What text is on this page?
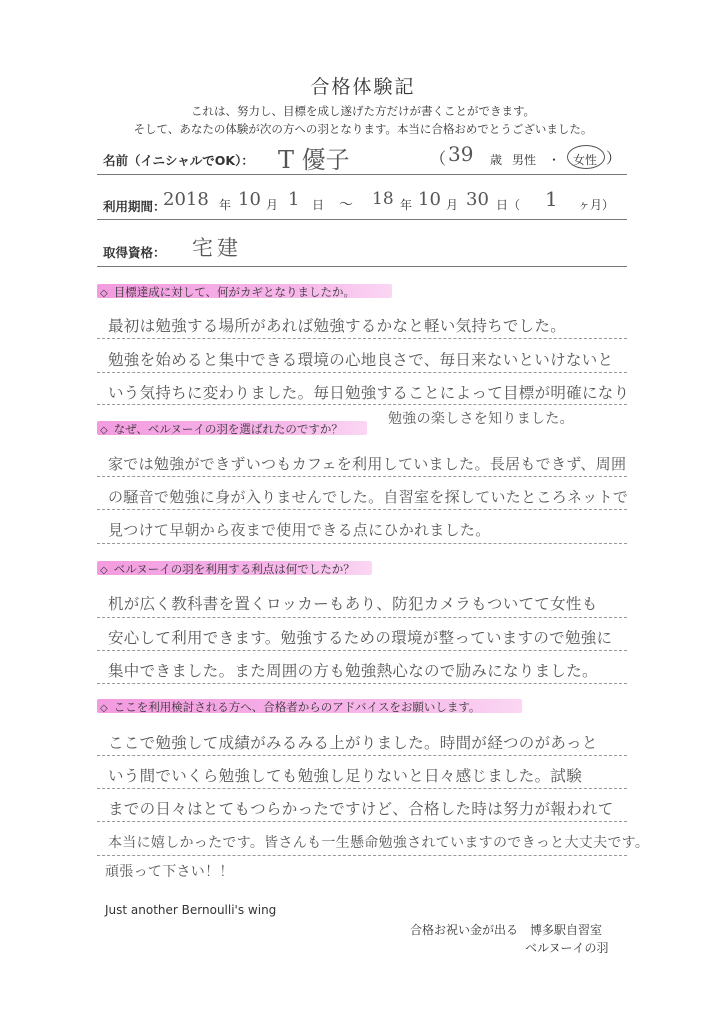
合格体験記
これは、努力し、目標を成し遂げた方だけが書くことができます。
そして、あなたの体験が次の方への羽となります。本当に合格おめでとうございました。
名前（イニシャルでOK）： T 優子	（ 39 歳 男性 ・ 女性 ）
利用期間：
2018 年 10 月 1 日 ～ 18 年 10 月 30 日（ 1 ヶ月）
取得資格： 宅建
◇ 目標達成に対して、何がカギとなりましたか。
最初は勉強する場所があれば勉強するかなと軽い気持ちでした。
勉強を始めると集中できる環境の心地良さで、毎日来ないといけないと
いう気持ちに変わりました。毎日勉強することによって目標が明確になり
勉強の楽しさを知りました。
◇ なぜ、ベルヌーイの羽を選ばれたのですか？
家では勉強ができずいつもカフェを利用していました。長居もできず、周囲
の騒音で勉強に身が入りませんでした。自習室を探していたところネットで
見つけて早朝から夜まで使用できる点にひかれました。
◇ ベルヌーイの羽を利用する利点は何でしたか？
机が広く教科書を置くロッカーもあり、防犯カメラもついてて女性も
安心して利用できます。勉強するための環境が整っていますので勉強に
集中できました。また周囲の方も勉強熱心なので励みになりました。
◇ ここを利用検討される方へ、合格者からのアドバイスをお願いします。
ここで勉強して成績がみるみる上がりました。時間が経つのがあっと
いう間でいくら勉強しても勉強し足りないと日々感じました。試験
までの日々はとてもつらかったですけど、合格した時は努力が報われて
本当に嬉しかったです。皆さんも一生懸命勉強されていますのできっと大丈夫です。
頑張って下さい！！
Just another Bernoulli's wing
合格お祝い金が出る　博多駅自習室
ベルヌーイの羽
